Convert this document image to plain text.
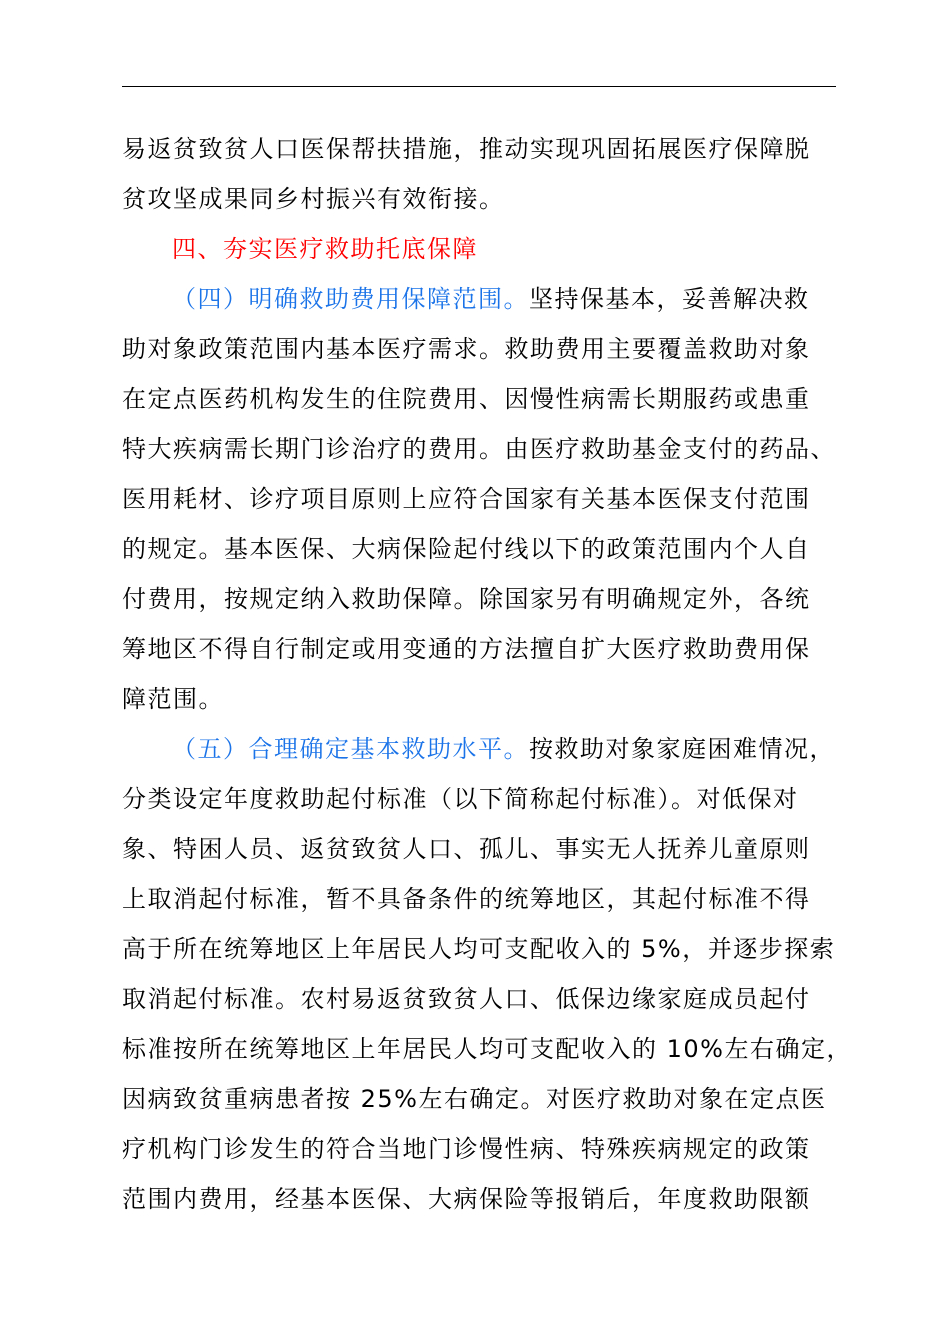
易返贫致贫人口医保帮扶措施，推动实现巩固拓展医疗保障脱
贫攻坚成果同乡村振兴有效衔接。
四、夯实医疗救助托底保障
（四）明确救助费用保障范围。坚持保基本，妥善解决救
助对象政策范围内基本医疗需求。救助费用主要覆盖救助对象
在定点医药机构发生的住院费用、因慢性病需长期服药或患重
特大疾病需长期门诊治疗的费用。由医疗救助基金支付的药品、
医用耗材、诊疗项目原则上应符合国家有关基本医保支付范围
的规定。基本医保、大病保险起付线以下的政策范围内个人自
付费用，按规定纳入救助保障。除国家另有明确规定外，各统
筹地区不得自行制定或用变通的方法擅自扩大医疗救助费用保
障范围。
（五）合理确定基本救助水平。按救助对象家庭困难情况，
分类设定年度救助起付标准（以下简称起付标准）。对低保对
象、特困人员、返贫致贫人口、孤儿、事实无人抚养儿童原则
上取消起付标准，暂不具备条件的统筹地区，其起付标准不得
高于所在统筹地区上年居民人均可支配收入的 5%，并逐步探索
取消起付标准。农村易返贫致贫人口、低保边缘家庭成员起付
标准按所在统筹地区上年居民人均可支配收入的 10%左右确定，
因病致贫重病患者按 25%左右确定。对医疗救助对象在定点医
疗机构门诊发生的符合当地门诊慢性病、特殊疾病规定的政策
范围内费用，经基本医保、大病保险等报销后，年度救助限额
